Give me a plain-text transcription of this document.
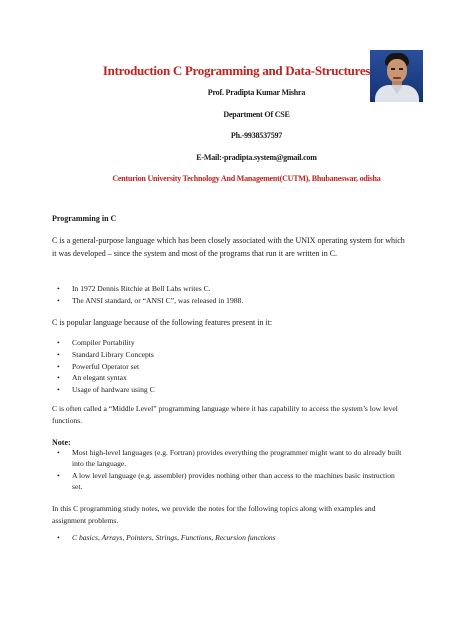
Introduction C Programming and Data-Structures
Prof. Pradipta Kumar Mishra
Department Of CSE
Ph.-9938537597
E-Mail:-pradipta.system@gmail.com
Centurion University Technology And Management(CUTM), Bhubaneswar, odisha
Programming in C
C is a general-purpose language which has been closely associated with the UNIX operating system for which it was developed – since the system and most of the programs that run it are written in C.
• In 1972 Dennis Ritchie at Bell Labs writes C.
• The ANSI standard, or “ANSI C”, was released in 1988.
C is popular language because of the following features present in it:
• Compiler Portability
• Standard Library Concepts
• Powerful Operator set
• An elegant syntax
• Usage of hardware using C
C is often called a “Middle Level” programming language where it has capability to access the system’s low level functions.
Note:
• Most high-level languages (e.g. Fortran) provides everything the programmer might want to do already built into the language.
• A low level language (e.g. assembler) provides nothing other than access to the machines basic instruction set.
In this C programming study notes, we provide the notes for the following topics along with examples and assignment problems.
• C basics, Arrays, Pointers, Strings, Functions, Recursion functions
